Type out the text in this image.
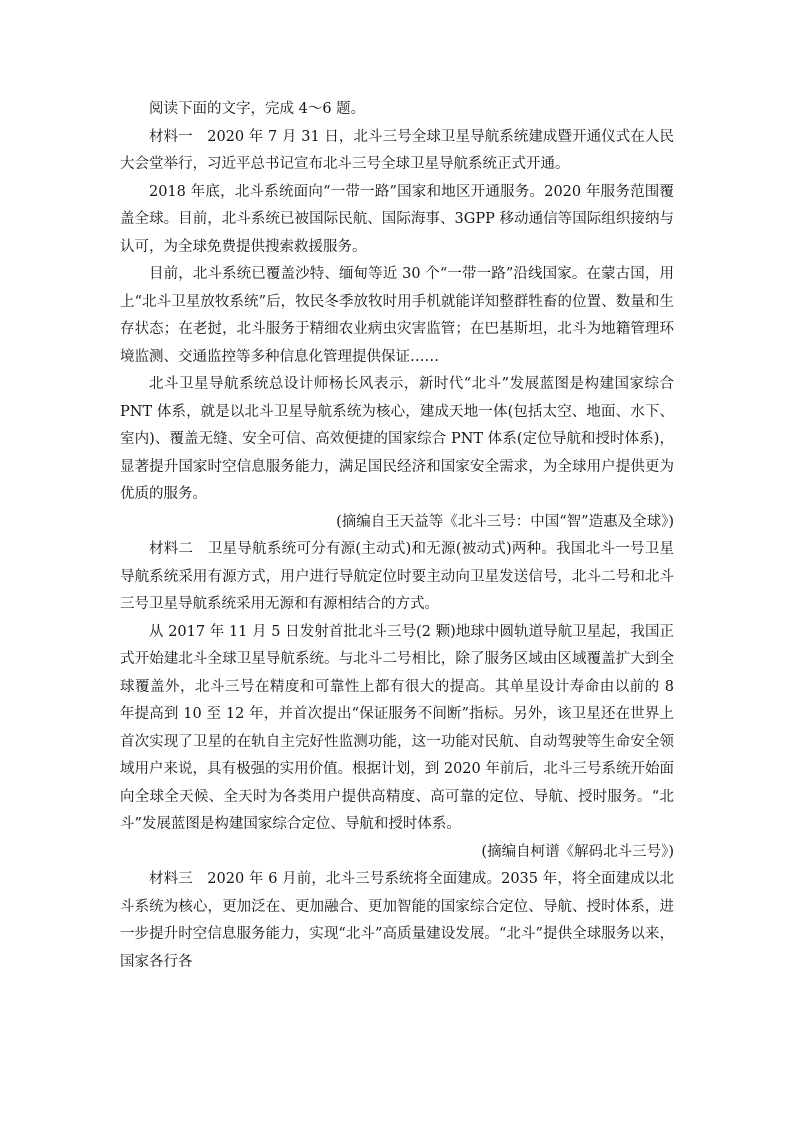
阅读下面的文字，完成 4～6 题。

材料一 2020 年 7 月 31 日，北斗三号全球卫星导航系统建成暨开通仪式在人民大会堂举行，习近平总书记宣布北斗三号全球卫星导航系统正式开通。

2018 年底，北斗系统面向“一带一路”国家和地区开通服务。2020 年服务范围覆盖全球。目前，北斗系统已被国际民航、国际海事、3GPP 移动通信等国际组织接纳与认可，为全球免费提供搜索救援服务。

目前，北斗系统已覆盖沙特、缅甸等近 30 个“一带一路”沿线国家。在蒙古国，用上“北斗卫星放牧系统”后，牧民冬季放牧时用手机就能详知整群牲畜的位置、数量和生存状态；在老挝，北斗服务于精细农业病虫灾害监管；在巴基斯坦，北斗为地籍管理环境监测、交通监控等多种信息化管理提供保证……

北斗卫星导航系统总设计师杨长风表示，新时代“北斗”发展蓝图是构建国家综合 PNT 体系，就是以北斗卫星导航系统为核心，建成天地一体(包括太空、地面、水下、室内)、覆盖无缝、安全可信、高效便捷的国家综合 PNT 体系(定位导航和授时体系)，显著提升国家时空信息服务能力，满足国民经济和国家安全需求，为全球用户提供更为优质的服务。

(摘编自王天益等《北斗三号：中国“智”造惠及全球》)

材料二 卫星导航系统可分有源(主动式)和无源(被动式)两种。我国北斗一号卫星导航系统采用有源方式，用户进行导航定位时要主动向卫星发送信号，北斗二号和北斗三号卫星导航系统采用无源和有源相结合的方式。

从 2017 年 11 月 5 日发射首批北斗三号(2 颗)地球中圆轨道导航卫星起，我国正式开始建北斗全球卫星导航系统。与北斗二号相比，除了服务区域由区域覆盖扩大到全球覆盖外，北斗三号在精度和可靠性上都有很大的提高。其单星设计寿命由以前的 8 年提高到 10 至 12 年，并首次提出“保证服务不间断”指标。另外，该卫星还在世界上首次实现了卫星的在轨自主完好性监测功能，这一功能对民航、自动驾驶等生命安全领域用户来说，具有极强的实用价值。根据计划，到 2020 年前后，北斗三号系统开始面向全球全天候、全天时为各类用户提供高精度、高可靠的定位、导航、授时服务。“北斗”发展蓝图是构建国家综合定位、导航和授时体系。

(摘编自柯谱《解码北斗三号》)

材料三 2020 年 6 月前，北斗三号系统将全面建成。2035 年，将全面建成以北斗系统为核心，更加泛在、更加融合、更加智能的国家综合定位、导航、授时体系，进一步提升时空信息服务能力，实现“北斗”高质量建设发展。“北斗”提供全球服务以来，国家各行各
